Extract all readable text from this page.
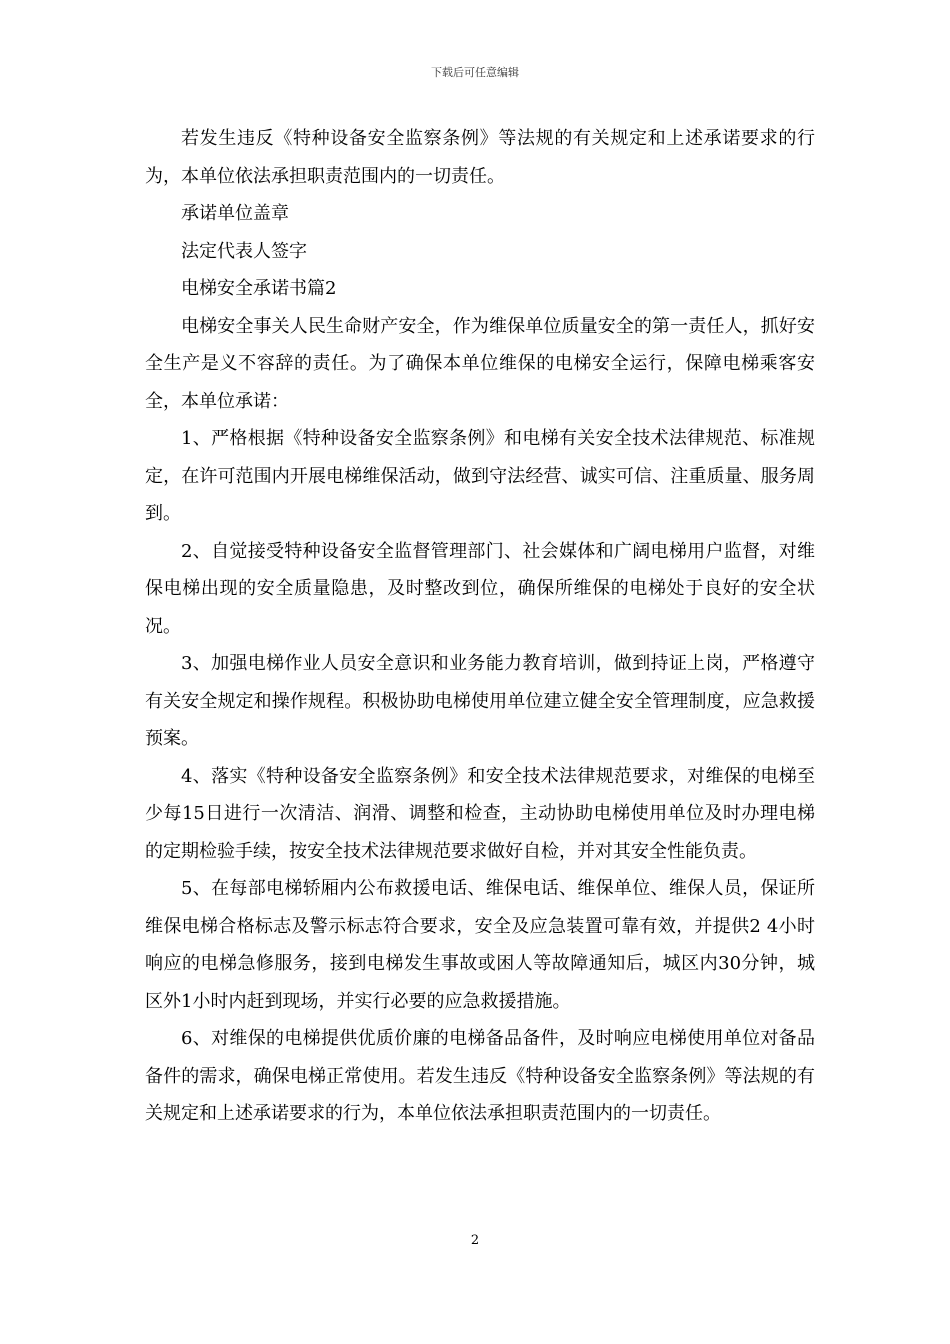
下载后可任意编辑

若发生违反《特种设备安全监察条例》等法规的有关规定和上述承诺要求的行为，本单位依法承担职责范围内的一切责任。

承诺单位盖章

法定代表人签字

电梯安全承诺书篇2

电梯安全事关人民生命财产安全，作为维保单位质量安全的第一责任人，抓好安全生产是义不容辞的责任。为了确保本单位维保的电梯安全运行，保障电梯乘客安全，本单位承诺：

1、严格根据《特种设备安全监察条例》和电梯有关安全技术法律规范、标准规定，在许可范围内开展电梯维保活动，做到守法经营、诚实可信、注重质量、服务周到。

2、自觉接受特种设备安全监督管理部门、社会媒体和广阔电梯用户监督，对维保电梯出现的安全质量隐患，及时整改到位，确保所维保的电梯处于良好的安全状况。

3、加强电梯作业人员安全意识和业务能力教育培训，做到持证上岗，严格遵守有关安全规定和操作规程。积极协助电梯使用单位建立健全安全管理制度，应急救援预案。

4、落实《特种设备安全监察条例》和安全技术法律规范要求，对维保的电梯至少每15日进行一次清洁、润滑、调整和检查，主动协助电梯使用单位及时办理电梯的定期检验手续，按安全技术法律规范要求做好自检，并对其安全性能负责。

5、在每部电梯轿厢内公布救援电话、维保电话、维保单位、维保人员，保证所维保电梯合格标志及警示标志符合要求，安全及应急装置可靠有效，并提供2 4小时响应的电梯急修服务，接到电梯发生事故或困人等故障通知后，城区内30分钟，城区外1小时内赶到现场，并实行必要的应急救援措施。

6、对维保的电梯提供优质价廉的电梯备品备件，及时响应电梯使用单位对备品备件的需求，确保电梯正常使用。若发生违反《特种设备安全监察条例》等法规的有关规定和上述承诺要求的行为，本单位依法承担职责范围内的一切责任。

2
